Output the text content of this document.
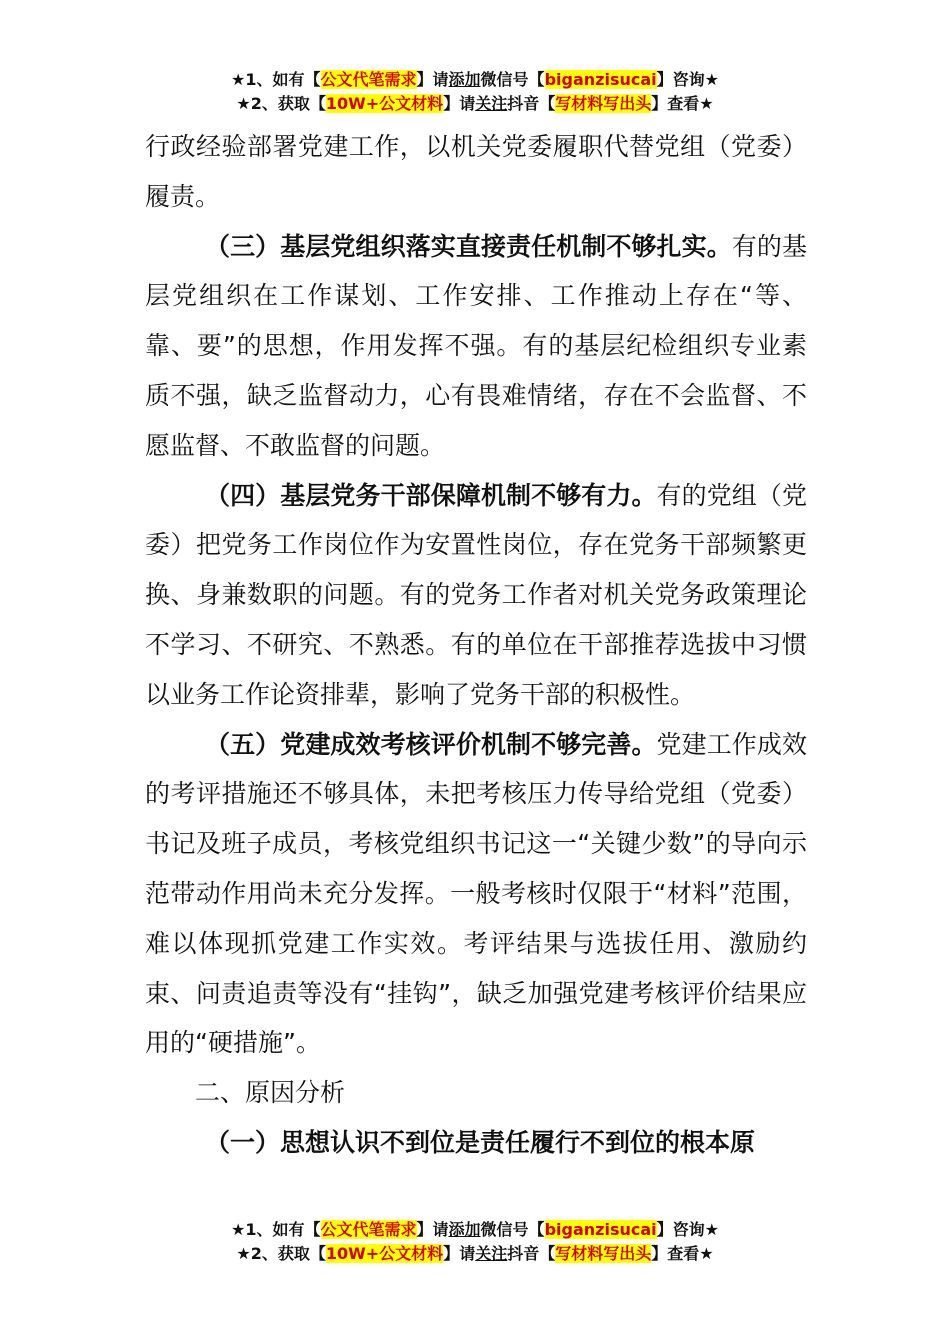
★1、如有【公文代笔需求】请添加微信号【biganzisucai】咨询★
★2、获取【10W+公文材料】请关注抖音【写材料写出头】查看★

行政经验部署党建工作，以机关党委履职代替党组（党委）履责。

（三）基层党组织落实直接责任机制不够扎实。有的基层党组织在工作谋划、工作安排、工作推动上存在“等、靠、要”的思想，作用发挥不强。有的基层纪检组织专业素质不强，缺乏监督动力，心有畏难情绪，存在不会监督、不愿监督、不敢监督的问题。

（四）基层党务干部保障机制不够有力。有的党组（党委）把党务工作岗位作为安置性岗位，存在党务干部频繁更换、身兼数职的问题。有的党务工作者对机关党务政策理论不学习、不研究、不熟悉。有的单位在干部推荐选拔中习惯以业务工作论资排辈，影响了党务干部的积极性。

（五）党建成效考核评价机制不够完善。党建工作成效的考评措施还不够具体，未把考核压力传导给党组（党委）书记及班子成员，考核党组织书记这一“关键少数”的导向示范带动作用尚未充分发挥。一般考核时仅限于“材料”范围，难以体现抓党建工作实效。考评结果与选拔任用、激励约束、问责追责等没有“挂钩”，缺乏加强党建考核评价结果应用的“硬措施”。

二、原因分析

（一）思想认识不到位是责任履行不到位的根本原

★1、如有【公文代笔需求】请添加微信号【biganzisucai】咨询★
★2、获取【10W+公文材料】请关注抖音【写材料写出头】查看★
